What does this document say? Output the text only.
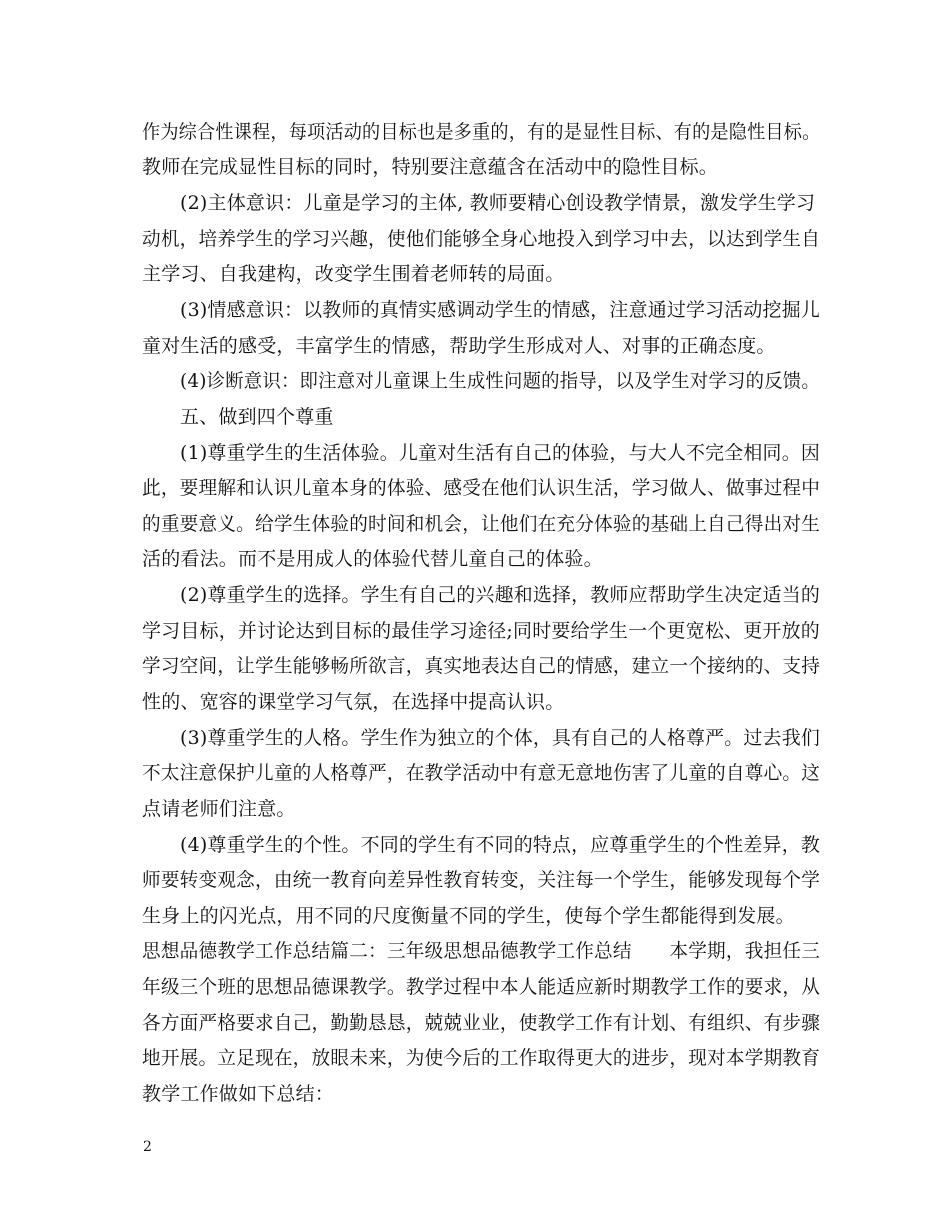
作为综合性课程，每项活动的目标也是多重的，有的是显性目标、有的是隐性目标。
教师在完成显性目标的同时，特别要注意蕴含在活动中的隐性目标。
(2)主体意识：儿童是学习的主体, 教师要精心创设教学情景，激发学生学习
动机，培养学生的学习兴趣，使他们能够全身心地投入到学习中去，以达到学生自
主学习、自我建构，改变学生围着老师转的局面。
(3)情感意识：以教师的真情实感调动学生的情感，注意通过学习活动挖掘儿
童对生活的感受，丰富学生的情感，帮助学生形成对人、对事的正确态度。
(4)诊断意识：即注意对儿童课上生成性问题的指导，以及学生对学习的反馈。
五、做到四个尊重
(1)尊重学生的生活体验。儿童对生活有自己的体验，与大人不完全相同。因
此，要理解和认识儿童本身的体验、感受在他们认识生活，学习做人、做事过程中
的重要意义。给学生体验的时间和机会，让他们在充分体验的基础上自己得出对生
活的看法。而不是用成人的体验代替儿童自己的体验。
(2)尊重学生的选择。学生有自己的兴趣和选择，教师应帮助学生决定适当的
学习目标，并讨论达到目标的最佳学习途径;同时要给学生一个更宽松、更开放的
学习空间，让学生能够畅所欲言，真实地表达自己的情感，建立一个接纳的、支持
性的、宽容的课堂学习气氛，在选择中提高认识。
(3)尊重学生的人格。学生作为独立的个体，具有自己的人格尊严。过去我们
不太注意保护儿童的人格尊严，在教学活动中有意无意地伤害了儿童的自尊心。这
点请老师们注意。
(4)尊重学生的个性。不同的学生有不同的特点，应尊重学生的个性差异，教
师要转变观念，由统一教育向差异性教育转变，关注每一个学生，能够发现每个学
生身上的闪光点，用不同的尺度衡量不同的学生，使每个学生都能得到发展。
思想品德教学工作总结篇二：三年级思想品德教学工作总结　　本学期，我担任三
年级三个班的思想品德课教学。教学过程中本人能适应新时期教学工作的要求，从
各方面严格要求自己，勤勤恳恳，兢兢业业，使教学工作有计划、有组织、有步骤
地开展。立足现在，放眼未来，为使今后的工作取得更大的进步，现对本学期教育
教学工作做如下总结：
2
